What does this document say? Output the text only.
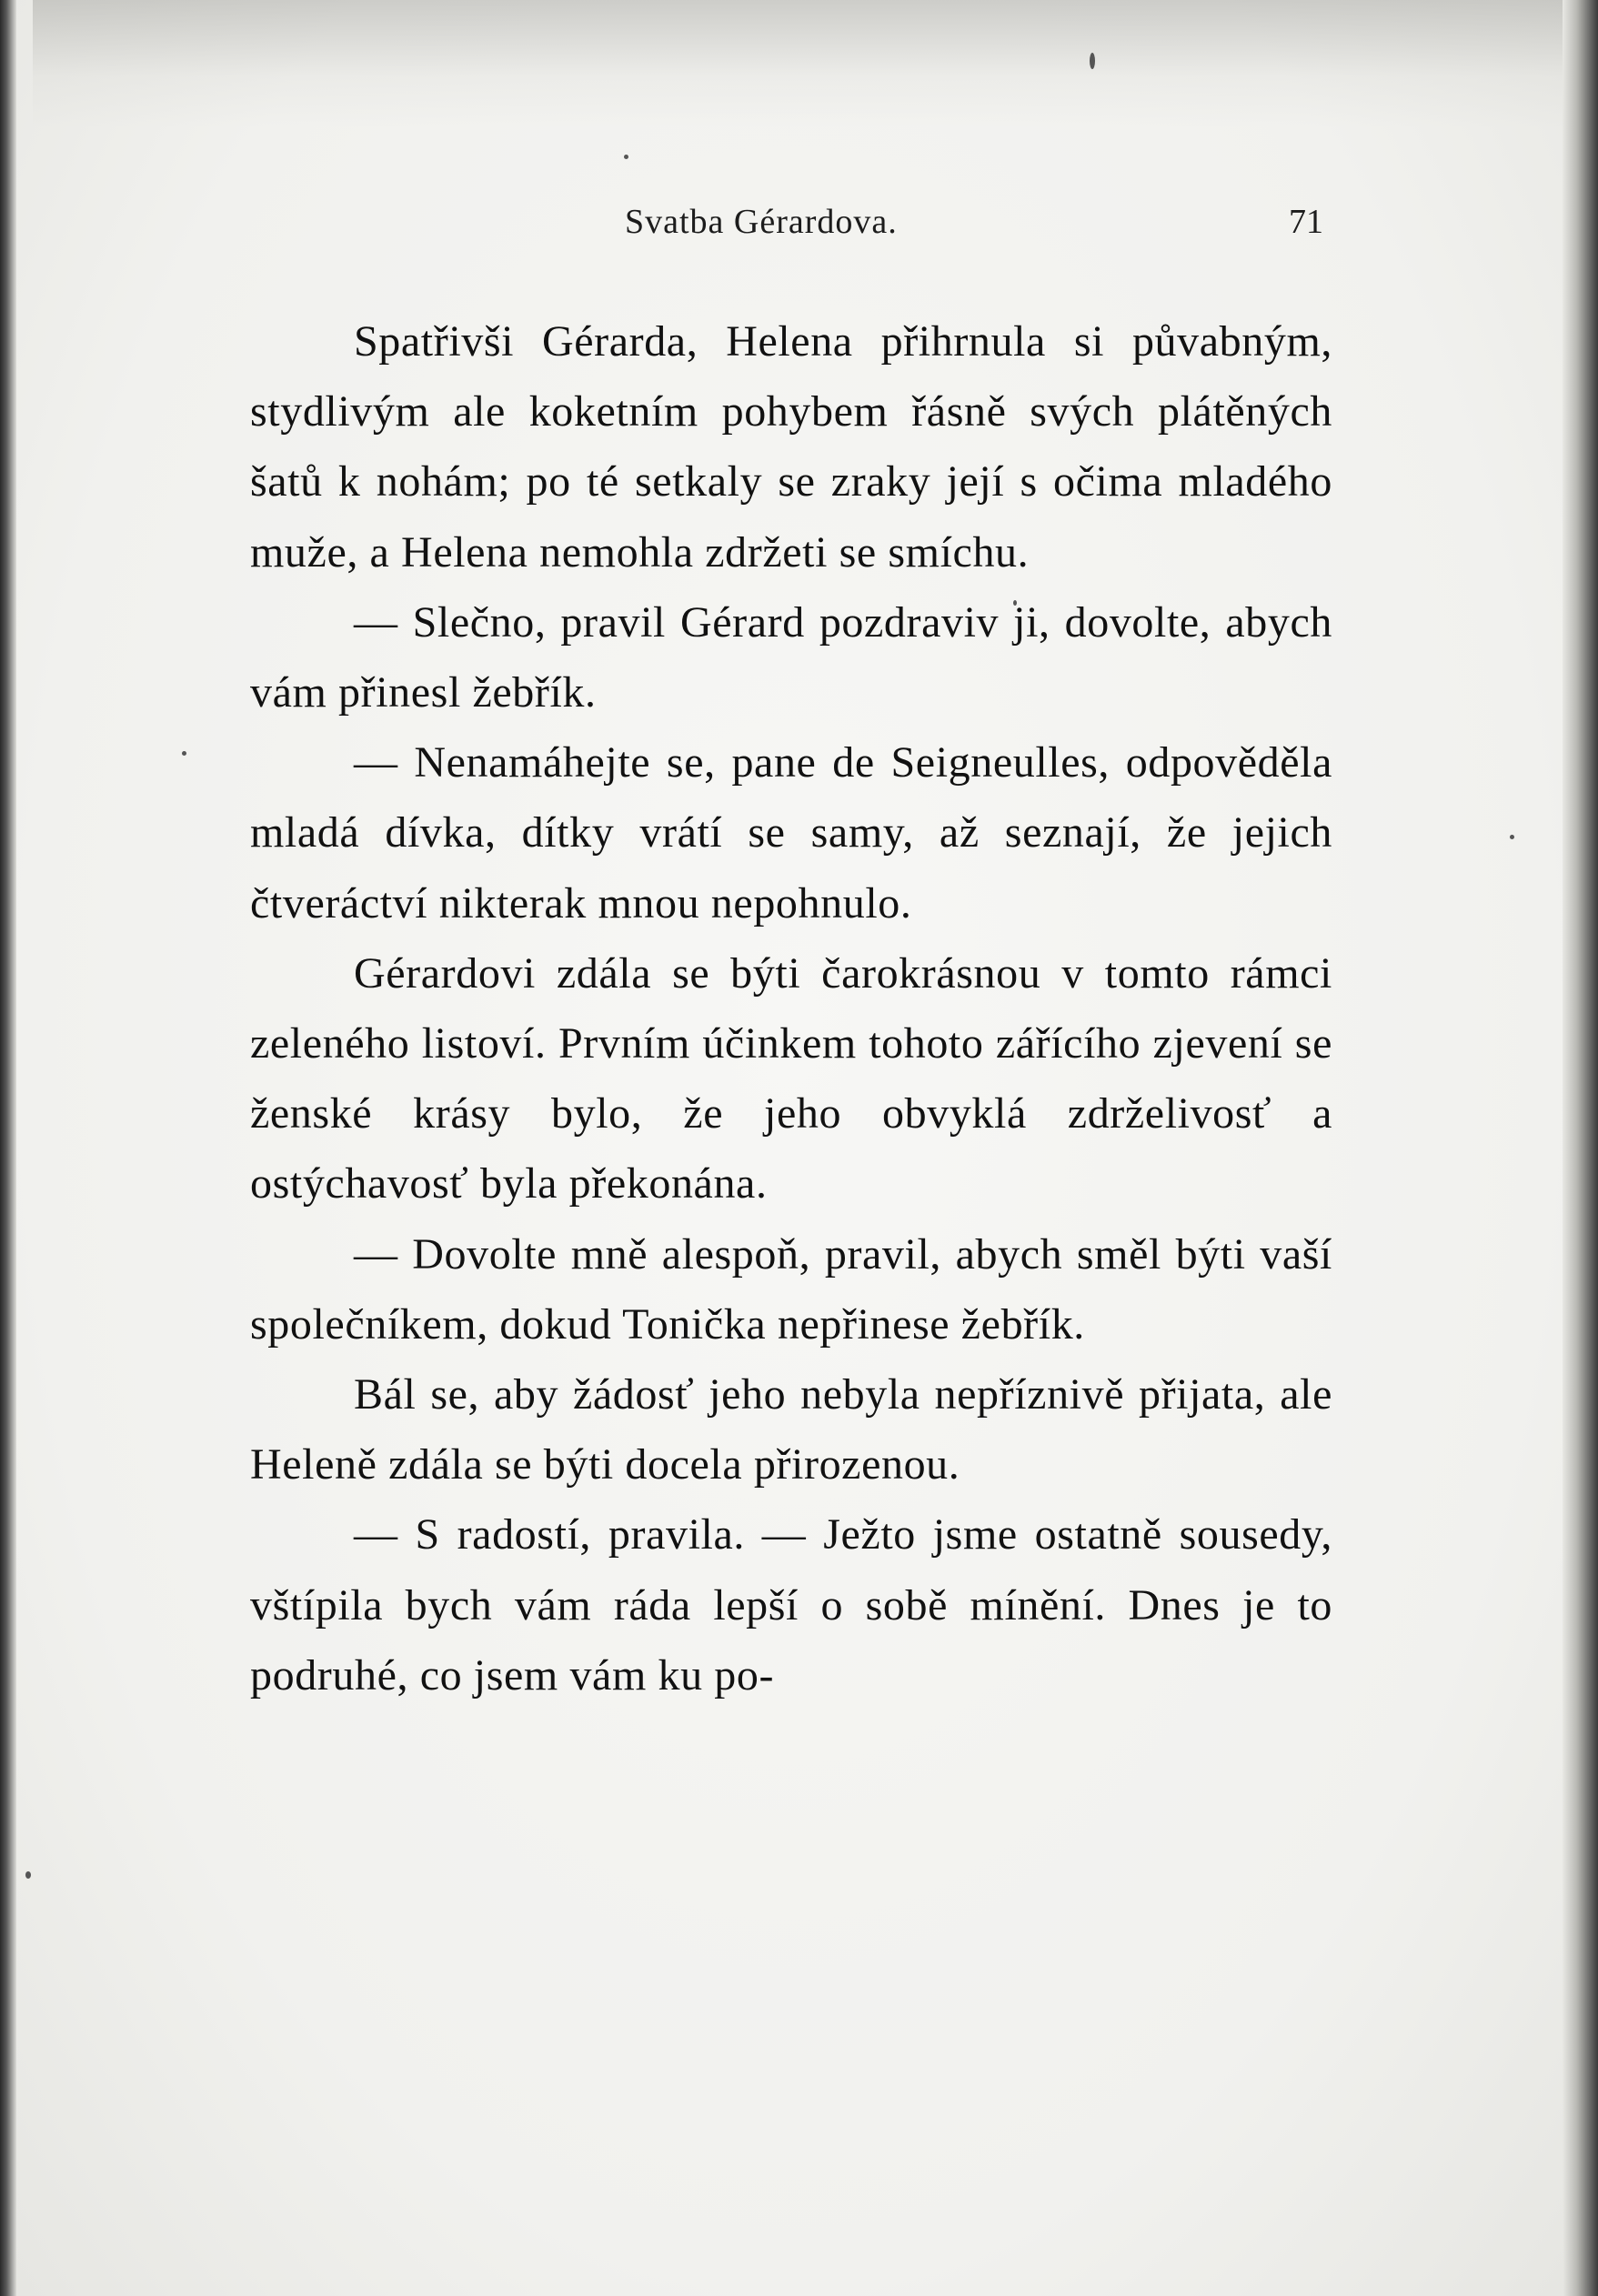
Svatba Gérardova.	71

Spatřivši Gérarda, Helena přihrnula si půvabným, stydlivým ale koketním pohybem řásně svých plátěných šatů k nohám; po té setkaly se zraky její s očima mladého muže, a Helena nemohla zdržeti se smíchu.

— Slečno, pravil Gérard pozdraviv ji, dovolte, abych vám přinesl žebřík.

— Nenamáhejte se, pane de Seigneulles, odpověděla mladá dívka, dítky vrátí se samy, až seznají, že jejich čtveráctví nikterak mnou nepohnulo.

Gérardovi zdála se býti čarokrásnou v tomto rámci zeleného listoví. Prvním účinkem tohoto zářícího zjevení se ženské krásy bylo, že jeho obvyklá zdrželivosť a ostýchavosť byla překonána.

— Dovolte mně alespoň, pravil, abych směl býti vaší společníkem, dokud Tonička nepřinese žebřík.

Bál se, aby žádosť jeho nebyla nepříznivě přijata, ale Heleně zdála se býti docela přirozenou.

— S radostí, pravila. — Ježto jsme ostatně sousedy, vštípila bych vám ráda lepší o sobě mínění. Dnes je to podruhé, co jsem vám ku po-
